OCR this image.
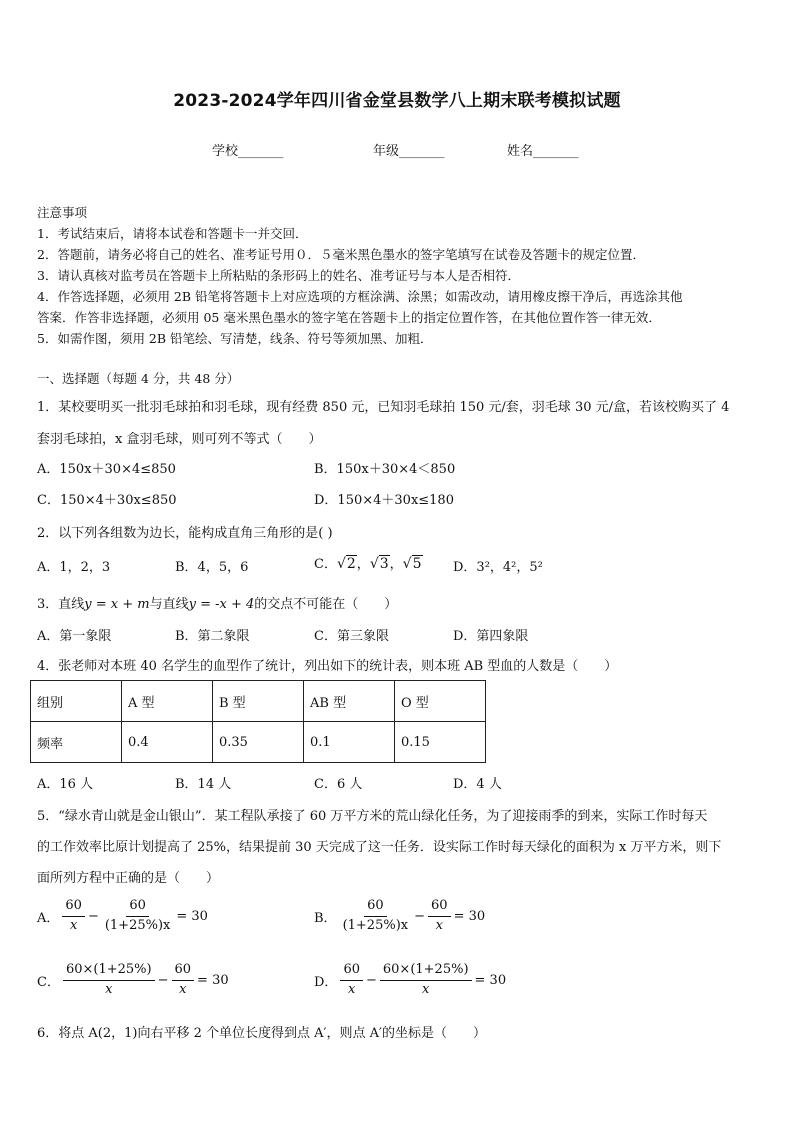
2023-2024学年四川省金堂县数学八上期末联考模拟试题
学校_______	年级_______	姓名_______
注意事项
1．考试结束后，请将本试卷和答题卡一并交回．
2．答题前，请务必将自己的姓名、准考证号用０．５毫米黑色墨水的签字笔填写在试卷及答题卡的规定位置．
3．请认真核对监考员在答题卡上所粘贴的条形码上的姓名、准考证号与本人是否相符．
4．作答选择题，必须用 2B 铅笔将答题卡上对应选项的方框涂满、涂黑；如需改动，请用橡皮擦干净后，再选涂其他
答案．作答非选择题，必须用 05 毫米黑色墨水的签字笔在答题卡上的指定位置作答，在其他位置作答一律无效．
5．如需作图，须用 2B 铅笔绘、写清楚，线条、符号等须加黑、加粗．
一、选择题（每题 4 分，共 48 分）
1．某校要明买一批羽毛球拍和羽毛球，现有经费 850 元，已知羽毛球拍 150 元/套，羽毛球 30 元/盒，若该校购买了 4
套羽毛球拍，x 盒羽毛球，则可列不等式（　　）
A．150x＋30×4≤850	B．150x＋30×4＜850
C．150×4＋30x≤850	D．150×4＋30x≤180
2．以下列各组数为边长，能构成直角三角形的是( )
A．1，2，3	B．4，5，6	C．√2，√3，√5 D．3²，4²，5²
3．直线y = x + m与直线y = -x + 4的交点不可能在（　　）
A．第一象限	B．第二象限	C．第三象限	D．第四象限
4．张老师对本班 40 名学生的血型作了统计，列出如下的统计表，则本班 AB 型血的人数是（　　）
组别	A 型	B 型	AB 型	O 型
频率	0.4	0.35	0.1	0.15
A．16 人	B．14 人	C．6 人	D．4 人
5．“绿水青山就是金山银山”．某工程队承接了 60 万平方米的荒山绿化任务，为了迎接雨季的到来，实际工作时每天
的工作效率比原计划提高了 25%，结果提前 30 天完成了这一任务．设实际工作时每天绿化的面积为 x 万平方米，则下
面所列方程中正确的是（　　）
A． $\frac{60}{x} - \frac{60}{(1+25\%)x} = 30$	B． $\frac{60}{(1+25\%)x} - \frac{60}{x} = 30$
C． $\frac{60\times(1+25\%)}{x} - \frac{60}{x} = 30$	D． $\frac{60}{x} - \frac{60\times(1+25\%)}{x} = 30$
6．将点 A(2，1)向右平移 2 个单位长度得到点 A′，则点 A′的坐标是（　　）
